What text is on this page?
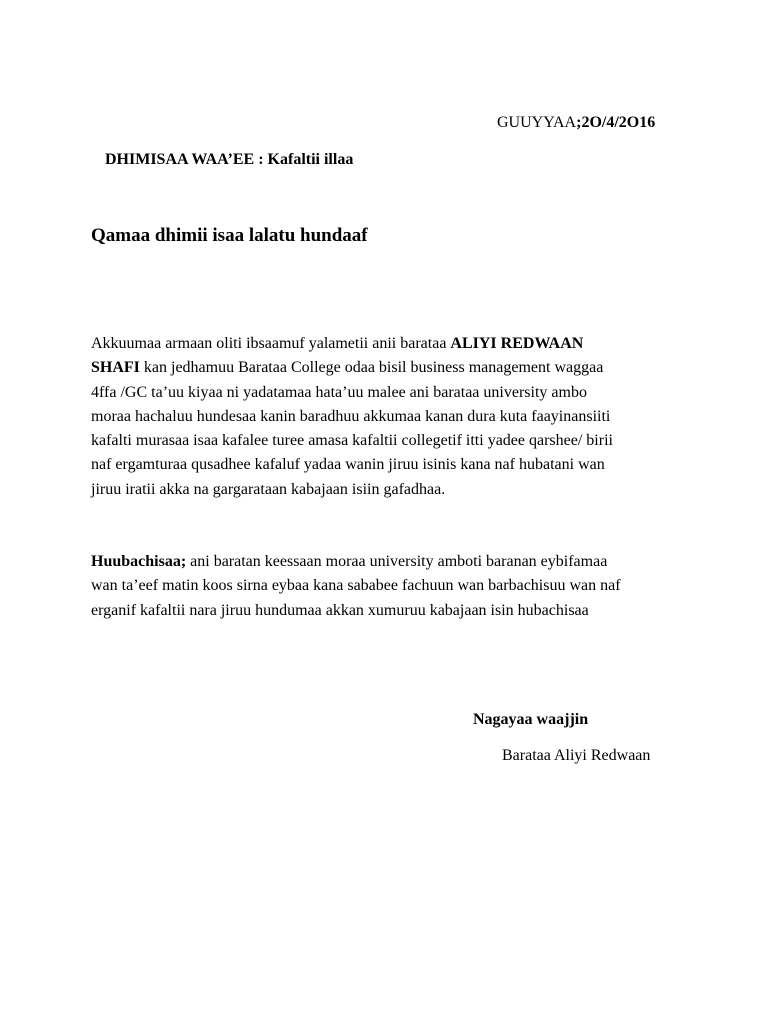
GUUYYAA;2O/4/2O16
DHIMISAA WAA’EE : Kafaltii illaa
Qamaa dhimii isaa lalatu hundaaf
Akkuumaa armaan oliti ibsaamuf yalametii anii baratаа ALIYI REDWAAN
SHAFI kan jedhamuu Barataa College odaa bisil business management waggaa
4ffa /GC ta’uu kiyaa ni yadatamaa hata’uu malee ani barataa university ambo
moraa hachaluu hundesaa kanin baradhuu akkumaa kanan dura kuta faayinansiiti
kafalti murasaa isaa kafalee turee amasa kafaltii collegetif itti yadee qarshee/ birii
naf ergamturaa qusadhee kafaluf yadaa wanin jiruu isinis kana naf hubatani wan
jiruu iratii akka na gargarataan kabajaan isiin gafadhaa.
Huubachisaa; ani baratan keessaan moraa university amboti baranan eybifamaa
wan ta’eef matin koos sirna eybaa kana sababee fachuun wan barbachisuu wan naf
erganif kafaltii nara jiruu hundumaa akkan xumuruu kabajaan isin hubachisaa
Nagayaa waajjin
Barataa Aliyi Redwaan
